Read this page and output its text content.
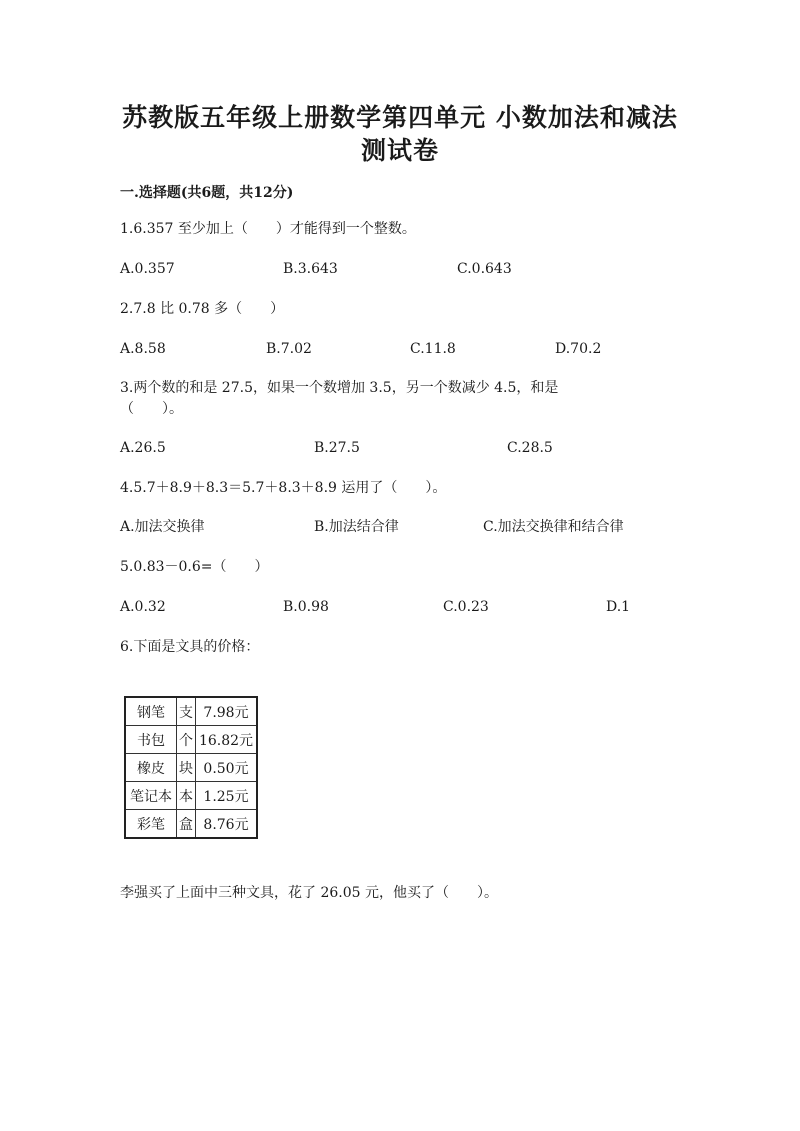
苏教版五年级上册数学第四单元 小数加法和减法
测试卷
一.选择题(共6题，共12分)
1.6.357 至少加上（　　）才能得到一个整数。
A.0.357	B.3.643	C.0.643
2.7.8 比 0.78 多（　　）
A.8.58	B.7.02	C.11.8	D.70.2
3.两个数的和是 27.5，如果一个数增加 3.5，另一个数减少 4.5，和是
（　　）。
A.26.5	B.27.5	C.28.5
4.5.7＋8.9＋8.3＝5.7＋8.3＋8.9 运用了（　　）。
A.加法交换律	B.加法结合律	C.加法交换律和结合律
5.0.83－0.6=（　　）
A.0.32	B.0.98	C.0.23	D.1
6.下面是文具的价格：
钢笔	支	7.98元
书包	个	16.82元
橡皮	块	0.50元
笔记本	本	1.25元
彩笔	盒	8.76元
李强买了上面中三种文具，花了 26.05 元，他买了（　　）。
